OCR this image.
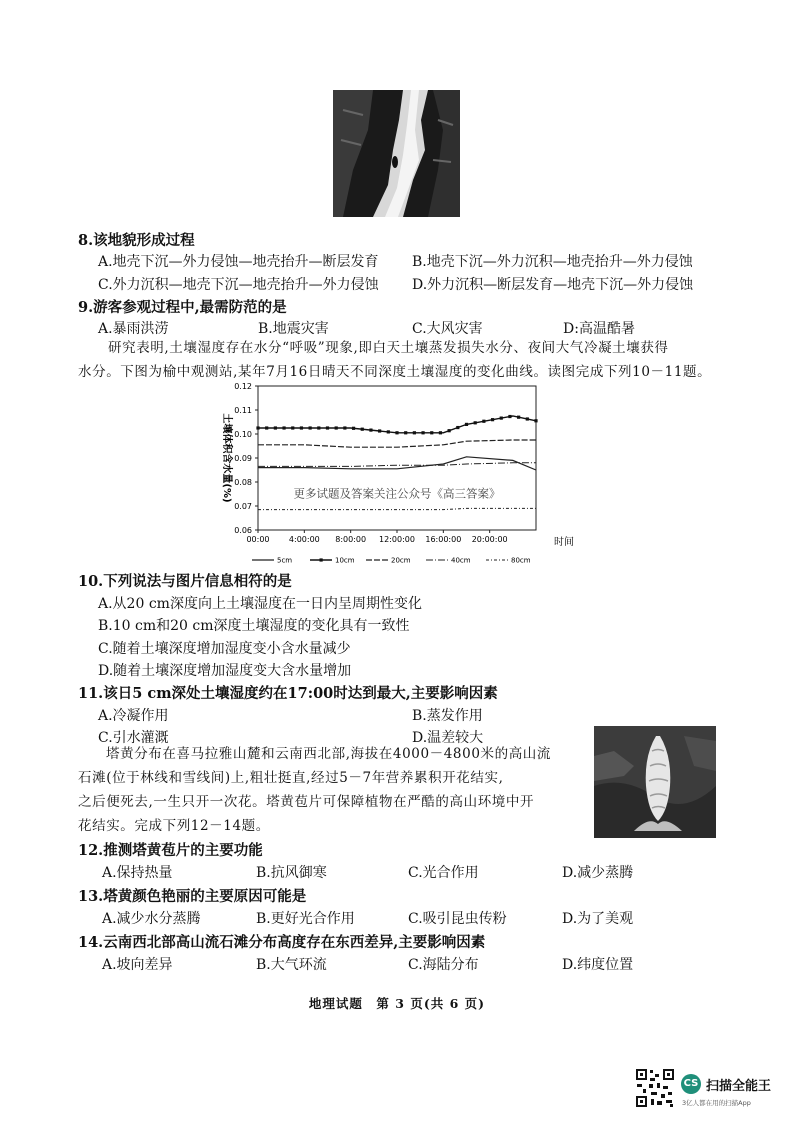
8.该地貌形成过程
A.地壳下沉—外力侵蚀—地壳抬升—断层发育 B.地壳下沉—外力沉积—地壳抬升—外力侵蚀
C.外力沉积—地壳下沉—地壳抬升—外力侵蚀 D.外力沉积—断层发育—地壳下沉—外力侵蚀
9.游客参观过程中,最需防范的是
A.暴雨洪涝	B.地震灾害	C.大风灾害	D:高温酷暑
研究表明,土壤湿度存在水分“呼吸”现象,即白天土壤蒸发损失水分、夜间大气冷凝土壤获得
水分。下图为榆中观测站,某年7月16日晴天不同深度土壤湿度的变化曲线。读图完成下列10－11题。
0.12
0.11
0.10
0.09
0.08
0.07
0.06
00:00 4:00:00 8:00:00 12:00:00 16:00:00 20:00:00
土壤体积含水量(%)
时间
更多试题及答案关注公众号《高三答案》
5cm	10cm	20cm	40cm	80cm
10.下列说法与图片信息相符的是
A.从20 cm深度向上土壤湿度在一日内呈周期性变化
B.10 cm和20 cm深度土壤湿度的变化具有一致性
C.随着土壤深度增加湿度变小含水量减少
D.随着土壤深度增加湿度变大含水量增加
11.该日5 cm深处土壤湿度约在17:00时达到最大,主要影响因素
A.冷凝作用	B.蒸发作用
C.引水灌溉	D.温差较大
塔黄分布在喜马拉雅山麓和云南西北部,海拔在4000－4800米的高山流
石滩(位于林线和雪线间)上,粗壮挺直,经过5－7年营养累积开花结实,
之后便死去,一生只开一次花。塔黄苞片可保障植物在严酷的高山环境中开
花结实。完成下列12－14题。
12.推测塔黄苞片的主要功能
A.保持热量	B.抗风御寒	C.光合作用	D.减少蒸腾
13.塔黄颜色艳丽的主要原因可能是
A.减少水分蒸腾	B.更好光合作用	C.吸引昆虫传粉	D.为了美观
14.云南西北部高山流石滩分布高度存在东西差异,主要影响因素
A.坡向差异	B.大气环流	C.海陆分布	D.纬度位置
地理试题　第 3 页(共 6 页)
CS 扫描全能王
3亿人都在用的扫描App
